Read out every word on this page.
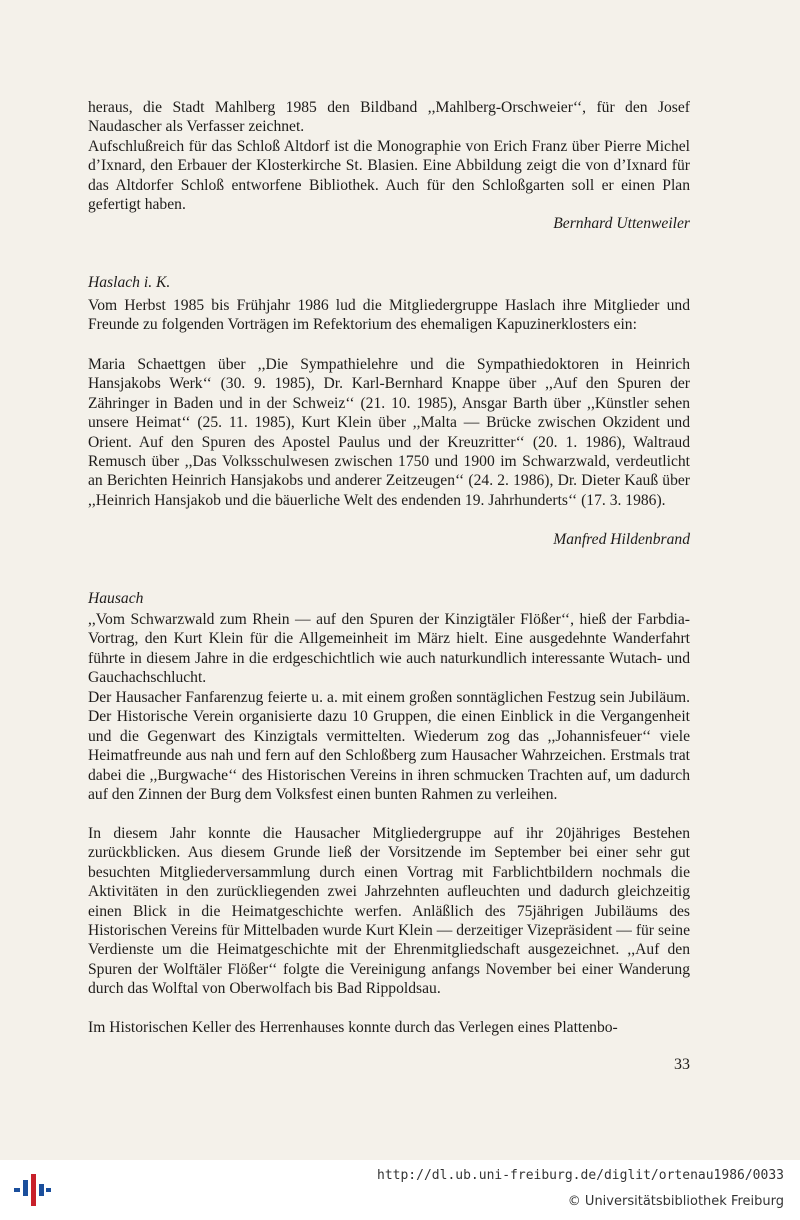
heraus, die Stadt Mahlberg 1985 den Bildband ,,Mahlberg-Orschweier‘‘, für den Josef Naudascher als Verfasser zeichnet.

Aufschlußreich für das Schloß Altdorf ist die Monographie von Erich Franz über Pierre Michel d’Ixnard, den Erbauer der Klosterkirche St. Blasien. Eine Abbildung zeigt die von d’Ixnard für das Altdorfer Schloß entworfene Bibliothek. Auch für den Schloßgarten soll er einen Plan gefertigt haben.

Bernhard Uttenweiler

Haslach i. K.

Vom Herbst 1985 bis Frühjahr 1986 lud die Mitgliedergruppe Haslach ihre Mitglieder und Freunde zu folgenden Vorträgen im Refektorium des ehemaligen Kapuzinerklosters ein:

Maria Schaettgen über ,,Die Sympathielehre und die Sympathiedoktoren in Heinrich Hansjakobs Werk‘‘ (30. 9. 1985), Dr. Karl-Bernhard Knappe über ,,Auf den Spuren der Zähringer in Baden und in der Schweiz‘‘ (21. 10. 1985), Ansgar Barth über ,,Künstler sehen unsere Heimat‘‘ (25. 11. 1985), Kurt Klein über ,,Malta — Brücke zwischen Okzident und Orient. Auf den Spuren des Apostel Paulus und der Kreuzritter‘‘ (20. 1. 1986), Waltraud Remusch über ,,Das Volksschulwesen zwischen 1750 und 1900 im Schwarzwald, verdeutlicht an Berichten Heinrich Hansjakobs und anderer Zeitzeugen‘‘ (24. 2. 1986), Dr. Dieter Kauß über ,,Heinrich Hansjakob und die bäuerliche Welt des endenden 19. Jahrhunderts‘‘ (17. 3. 1986).

Manfred Hildenbrand

Hausach

,,Vom Schwarzwald zum Rhein — auf den Spuren der Kinzigtäler Flößer‘‘, hieß der Farbdia-Vortrag, den Kurt Klein für die Allgemeinheit im März hielt. Eine ausgedehnte Wanderfahrt führte in diesem Jahre in die erdgeschichtlich wie auch naturkundlich interessante Wutach- und Gauchachschlucht.

Der Hausacher Fanfarenzug feierte u. a. mit einem großen sonntäglichen Festzug sein Jubiläum. Der Historische Verein organisierte dazu 10 Gruppen, die einen Einblick in die Vergangenheit und die Gegenwart des Kinzigtals vermittelten. Wiederum zog das ,,Johannisfeuer‘‘ viele Heimatfreunde aus nah und fern auf den Schloßberg zum Hausacher Wahrzeichen. Erstmals trat dabei die ,,Burgwache‘‘ des Historischen Vereins in ihren schmucken Trachten auf, um dadurch auf den Zinnen der Burg dem Volksfest einen bunten Rahmen zu verleihen.

In diesem Jahr konnte die Hausacher Mitgliedergruppe auf ihr 20jähriges Bestehen zurückblicken. Aus diesem Grunde ließ der Vorsitzende im September bei einer sehr gut besuchten Mitgliederversammlung durch einen Vortrag mit Farblichtbildern nochmals die Aktivitäten in den zurückliegenden zwei Jahrzehnten aufleuchten und dadurch gleichzeitig einen Blick in die Heimatgeschichte werfen. Anläßlich des 75jährigen Jubiläums des Historischen Vereins für Mittelbaden wurde Kurt Klein — derzeitiger Vizepräsident — für seine Verdienste um die Heimatgeschichte mit der Ehrenmitgliedschaft ausgezeichnet. ,,Auf den Spuren der Wolftäler Flößer‘‘ folgte die Vereinigung anfangs November bei einer Wanderung durch das Wolftal von Oberwolfach bis Bad Rippoldsau.

Im Historischen Keller des Herrenhauses konnte durch das Verlegen eines Plattenbo-

33
http://dl.ub.uni-freiburg.de/diglit/ortenau1986/0033
© Universitätsbibliothek Freiburg
